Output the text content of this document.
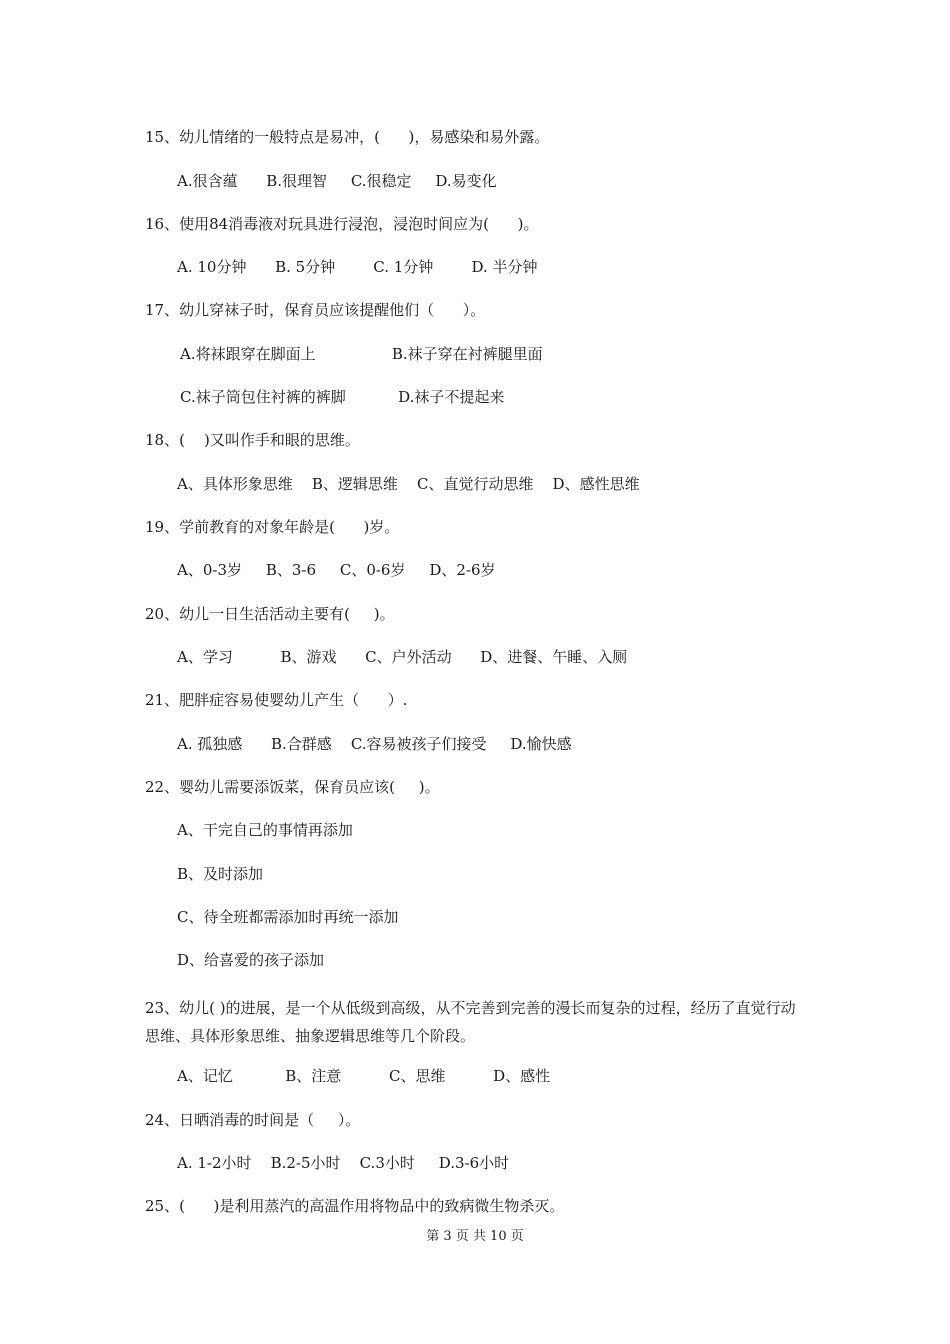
15、幼儿情绪的一般特点是易冲，(      )，易感染和易外露。
A.很含蕴      B.很理智     C.很稳定     D.易变化
16、使用84消毒液对玩具进行浸泡，浸泡时间应为(      )。
A. 10分钟      B. 5分钟        C. 1分钟        D. 半分钟
17、幼儿穿袜子时，保育员应该提醒他们（      ）。
A.将袜跟穿在脚面上                B.袜子穿在衬裤腿里面
C.袜子筒包住衬裤的裤脚           D.袜子不提起来
18、(    )又叫作手和眼的思维。
A、具体形象思维    B、逻辑思维    C、直觉行动思维    D、感性思维
19、学前教育的对象年龄是(      )岁。
A、0-3岁     B、3-6     C、0-6岁     D、2-6岁
20、幼儿一日生活活动主要有(     )。
A、学习          B、游戏      C、户外活动      D、进餐、午睡、入厕
21、肥胖症容易使婴幼儿产生（      ）.
A. 孤独感      B.合群感    C.容易被孩子们接受     D.愉快感
22、婴幼儿需要添饭菜，保育员应该(     )。
A、干完自己的事情再添加
B、及时添加
C、待全班都需添加时再统一添加
D、给喜爱的孩子添加
23、幼儿( )的进展，是一个从低级到高级，从不完善到完善的漫长而复杂的过程，经历了直觉行动思维、具体形象思维、抽象逻辑思维等几个阶段。
A、记忆           B、注意          C、思维          D、感性
24、日晒消毒的时间是（     ）。
A. 1-2小时    B.2-5小时    C.3小时     D.3-6小时
25、(      )是利用蒸汽的高温作用将物品中的致病微生物杀灭。
第 3 页 共 10 页
